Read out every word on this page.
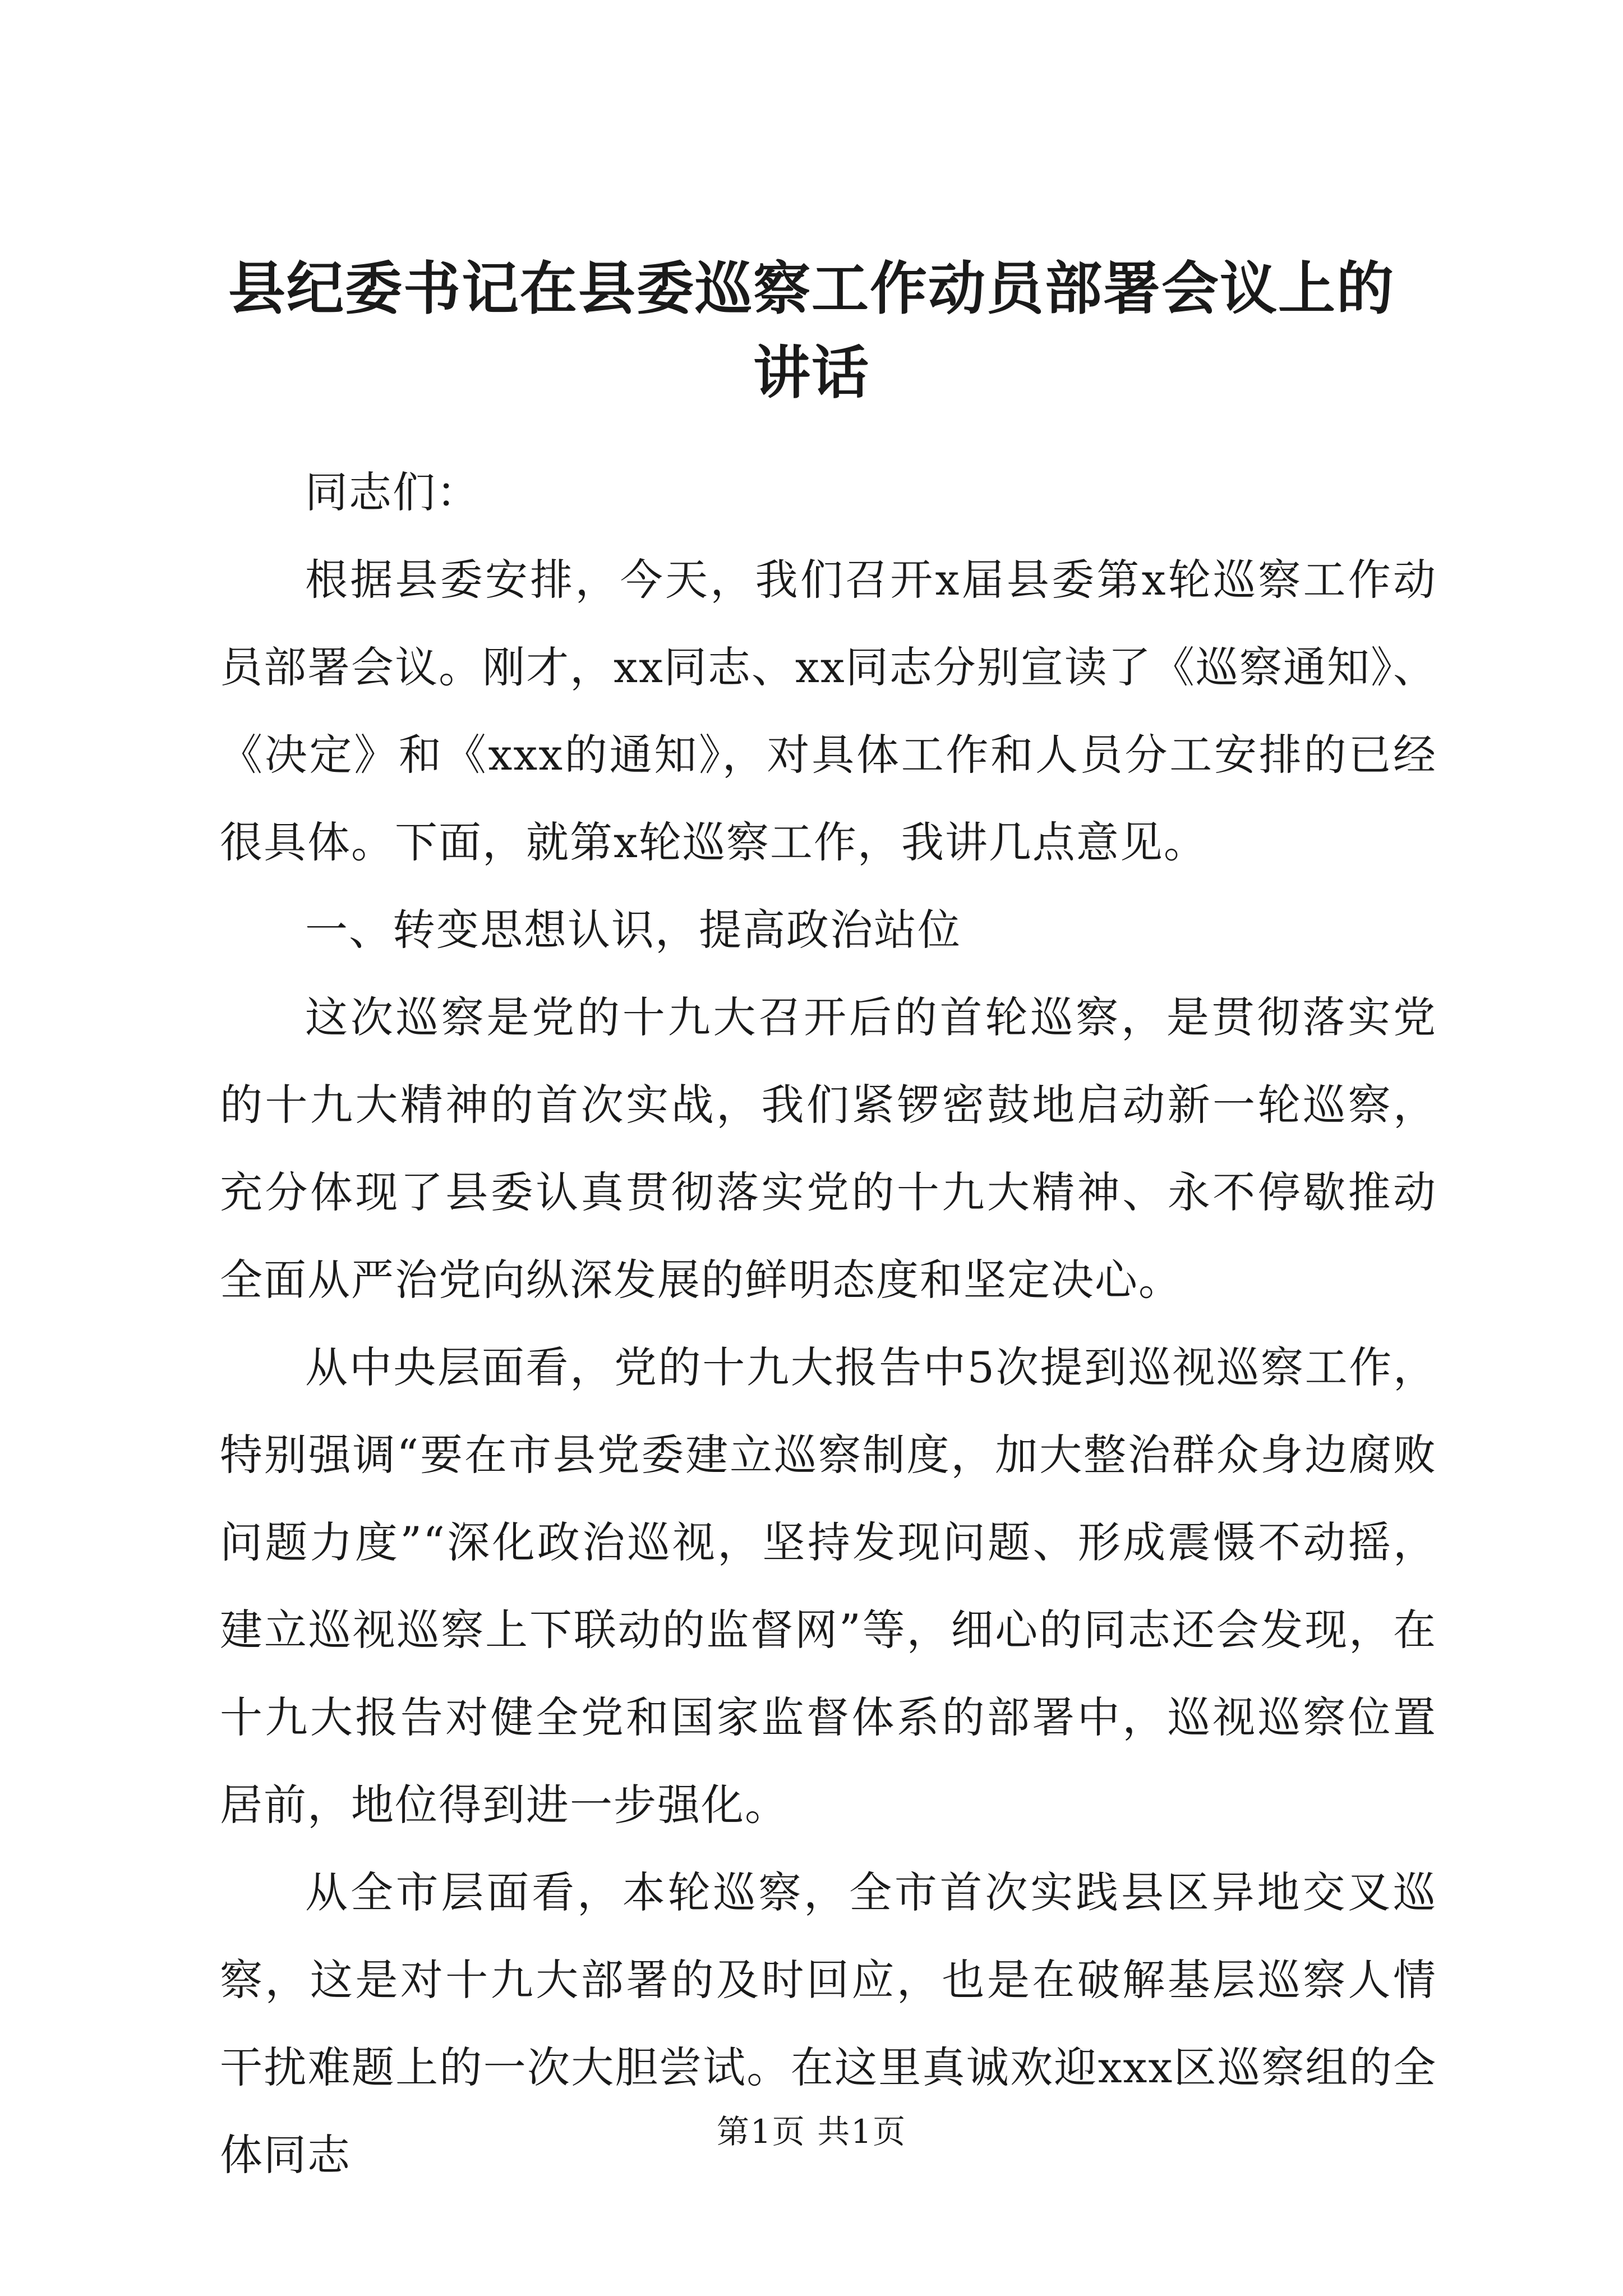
县纪委书记在县委巡察工作动员部署会议上的
讲话

同志们：

根据县委安排，今天，我们召开x届县委第x轮巡察工作动员部署会议。刚才，xx同志、xx同志分别宣读了《巡察通知》、《决定》和《xxx的通知》，对具体工作和人员分工安排的已经很具体。下面，就第x轮巡察工作，我讲几点意见。

一、转变思想认识，提高政治站位

这次巡察是党的十九大召开后的首轮巡察，是贯彻落实党的十九大精神的首次实战，我们紧锣密鼓地启动新一轮巡察，充分体现了县委认真贯彻落实党的十九大精神、永不停歇推动全面从严治党向纵深发展的鲜明态度和坚定决心。

从中央层面看，党的十九大报告中5次提到巡视巡察工作，特别强调“要在市县党委建立巡察制度，加大整治群众身边腐败问题力度”“深化政治巡视，坚持发现问题、形成震慑不动摇，建立巡视巡察上下联动的监督网”等，细心的同志还会发现，在十九大报告对健全党和国家监督体系的部署中，巡视巡察位置居前，地位得到进一步强化。

从全市层面看，本轮巡察，全市首次实践县区异地交叉巡察，这是对十九大部署的及时回应，也是在破解基层巡察人情干扰难题上的一次大胆尝试。在这里真诚欢迎xxx区巡察组的全体同志	第1页 共1页
